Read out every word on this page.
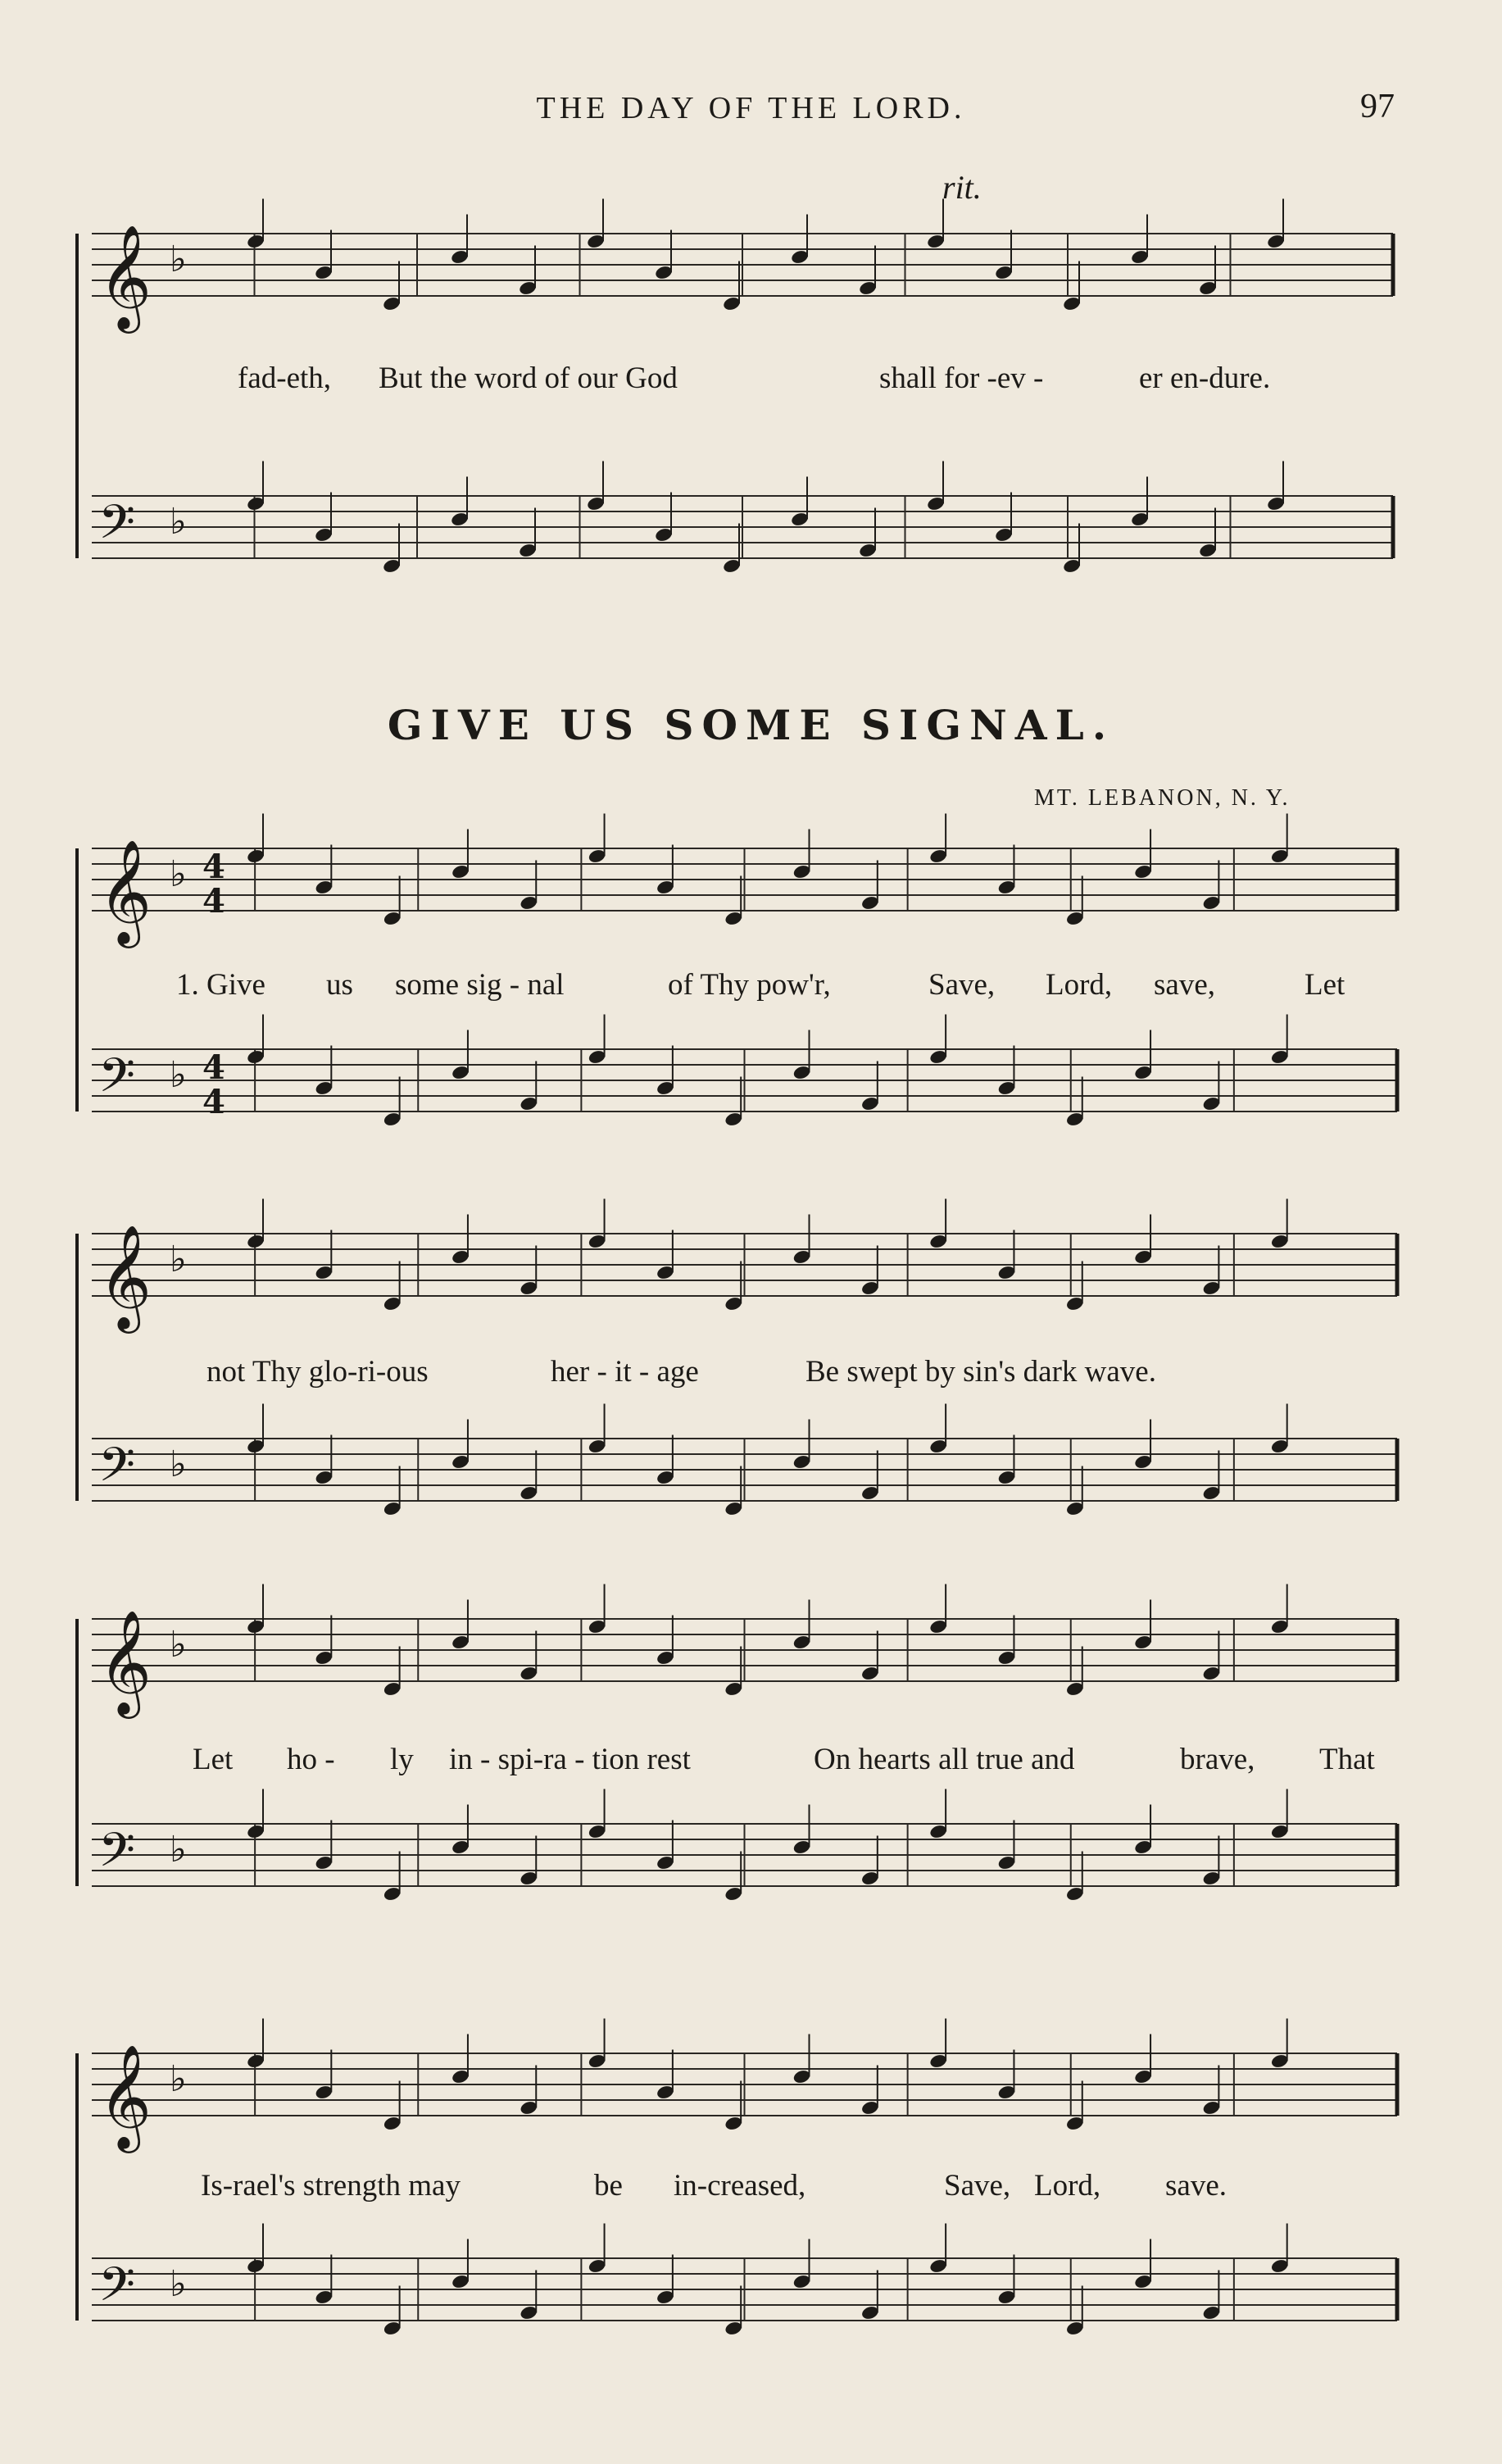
THE DAY OF THE LORD.	97
rit.
𝄞 ♭
𝄢 ♭
fad-eth, But the word of our God	shall for -ev -	er en-dure.
GIVE US SOME SIGNAL.
MT. LEBANON, N. Y.
𝄞 ♭ 4
4
𝄢 ♭ 4
4
1. Give us some sig - nal	of Thy pow'r,	Save, Lord, save,	Let
𝄞 ♭
𝄢 ♭
not Thy glo-ri-ous	her - it - age	Be swept by sin's dark wave.
𝄞 ♭
𝄢 ♭
Let ho - ly in - spi-ra - tion rest	On hearts all true and	brave, That
𝄞 ♭
𝄢 ♭
Is-rael's strength may	be in-creased,	Save, Lord, save.
